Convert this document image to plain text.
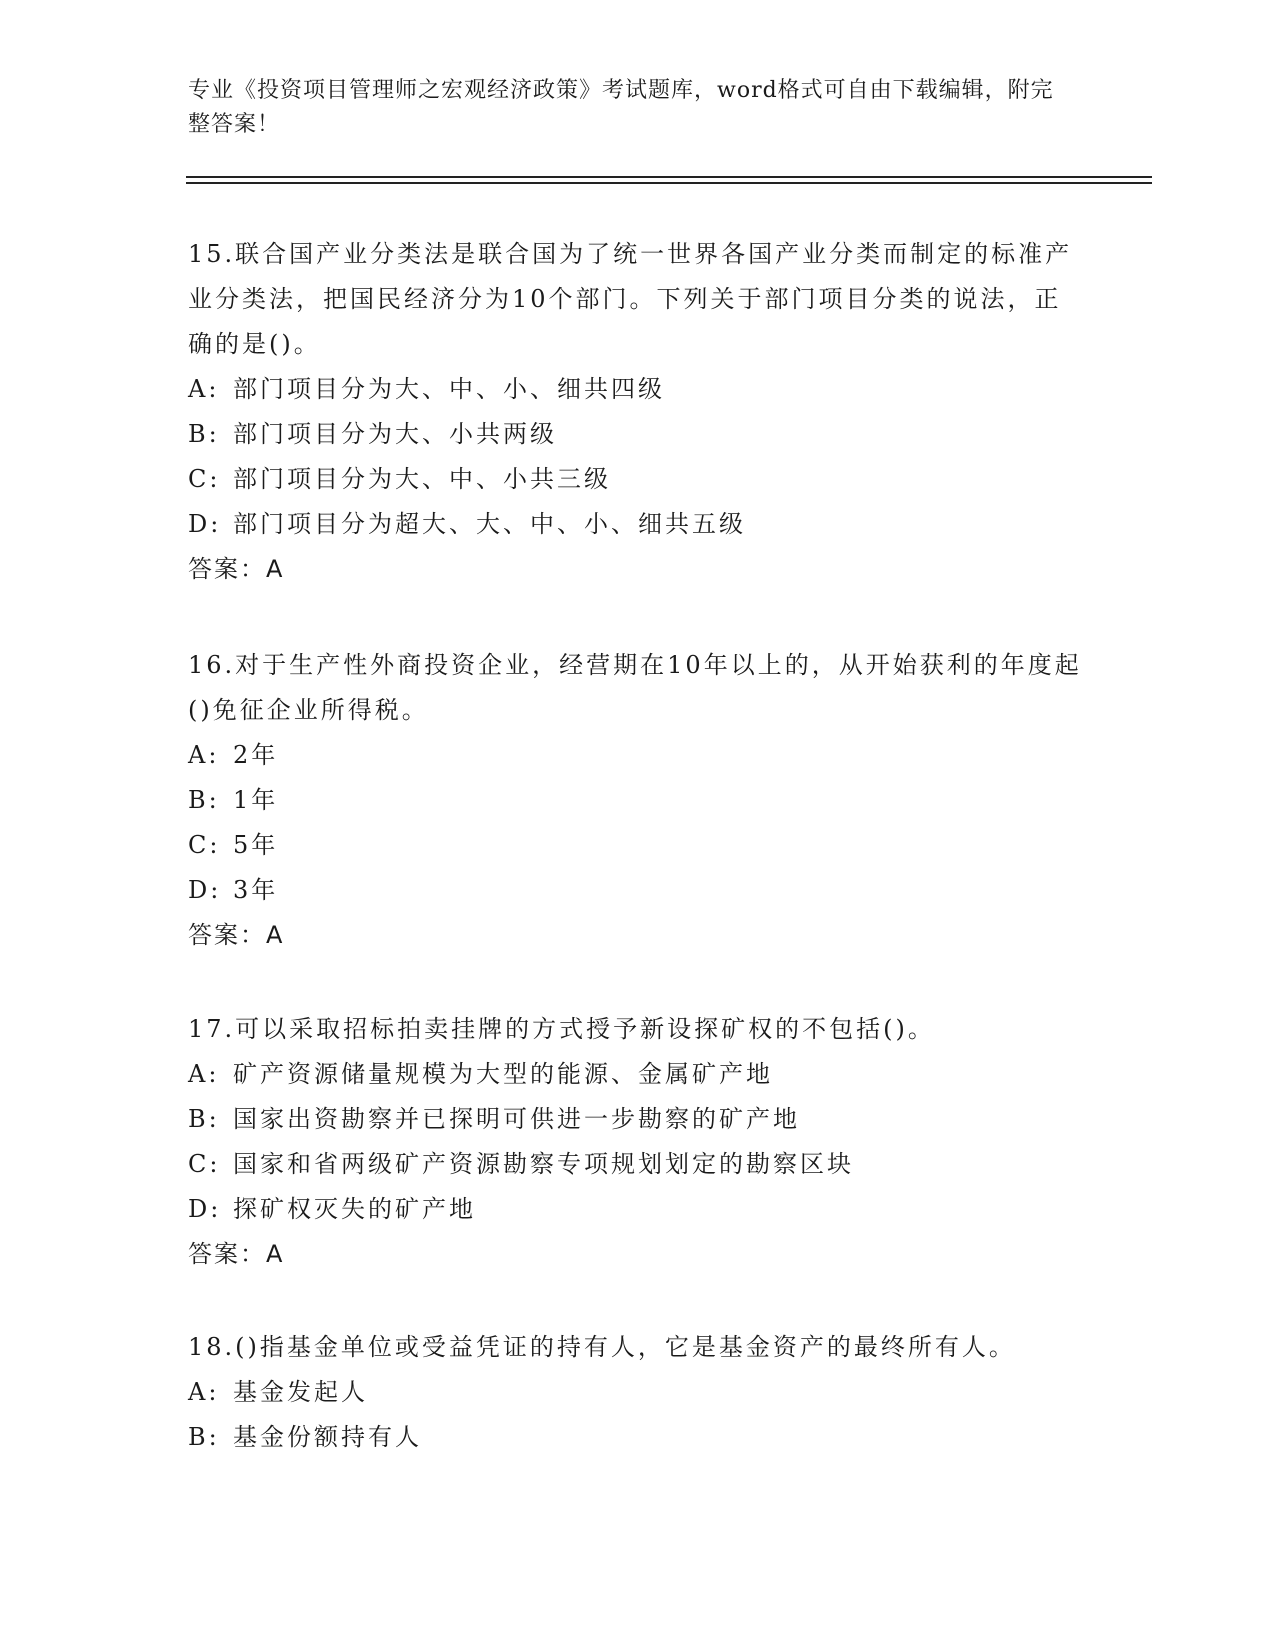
专业《投资项目管理师之宏观经济政策》考试题库，word格式可自由下载编辑，附完整答案！

15.联合国产业分类法是联合国为了统一世界各国产业分类而制定的标准产业分类法，把国民经济分为10个部门。下列关于部门项目分类的说法，正确的是()。

A: 部门项目分为大、中、小、细共四级
B: 部门项目分为大、小共两级
C: 部门项目分为大、中、小共三级
D: 部门项目分为超大、大、中、小、细共五级
答案：A

16.对于生产性外商投资企业，经营期在10年以上的，从开始获利的年度起()免征企业所得税。

A: 2年
B: 1年
C: 5年
D: 3年
答案：A

17.可以采取招标拍卖挂牌的方式授予新设探矿权的不包括()。

A: 矿产资源储量规模为大型的能源、金属矿产地
B: 国家出资勘察并已探明可供进一步勘察的矿产地
C: 国家和省两级矿产资源勘察专项规划划定的勘察区块
D: 探矿权灭失的矿产地
答案：A

18.()指基金单位或受益凭证的持有人，它是基金资产的最终所有人。

A: 基金发起人
B: 基金份额持有人
